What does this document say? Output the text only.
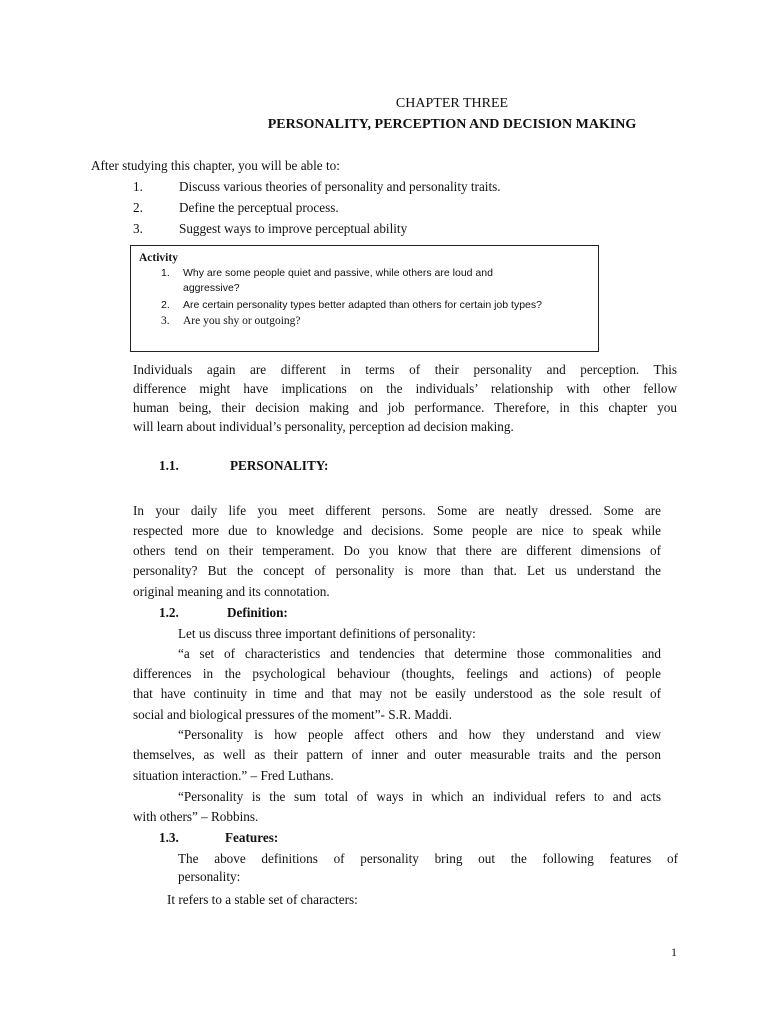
CHAPTER THREE
PERSONALITY, PERCEPTION AND DECISION MAKING
After studying this chapter, you will be able to:
1.	Discuss various theories of personality and personality traits.
2.	Define the perceptual process.
3.	Suggest ways to improve perceptual ability
Activity
1. Why are some people quiet and passive, while others are loud and
aggressive?
2. Are certain personality types better adapted than others for certain job types?
3. Are you shy or outgoing?
Individuals again are different in terms of their personality and perception. This
difference might have implications on the individuals’ relationship with other fellow
human being, their decision making and job performance. Therefore, in this chapter you
will learn about individual’s personality, perception ad decision making.
1.1.	PERSONALITY:
In your daily life you meet different persons. Some are neatly dressed. Some are
respected more due to knowledge and decisions. Some people are nice to speak while
others tend on their temperament. Do you know that there are different dimensions of
personality? But the concept of personality is more than that. Let us understand the
original meaning and its connotation.
1.2.	Definition:
Let us discuss three important definitions of personality:
“a set of characteristics and tendencies that determine those commonalities and
differences in the psychological behaviour (thoughts, feelings and actions) of people
that have continuity in time and that may not be easily understood as the sole result of
social and biological pressures of the moment”- S.R. Maddi.
“Personality is how people affect others and how they understand and view
themselves, as well as their pattern of inner and outer measurable traits and the person
situation interaction.” – Fred Luthans.
“Personality is the sum total of ways in which an individual refers to and acts
with others” – Robbins.
1.3.	Features:
The above definitions of personality bring out the following features of
personality:
It refers to a stable set of characters:
1
